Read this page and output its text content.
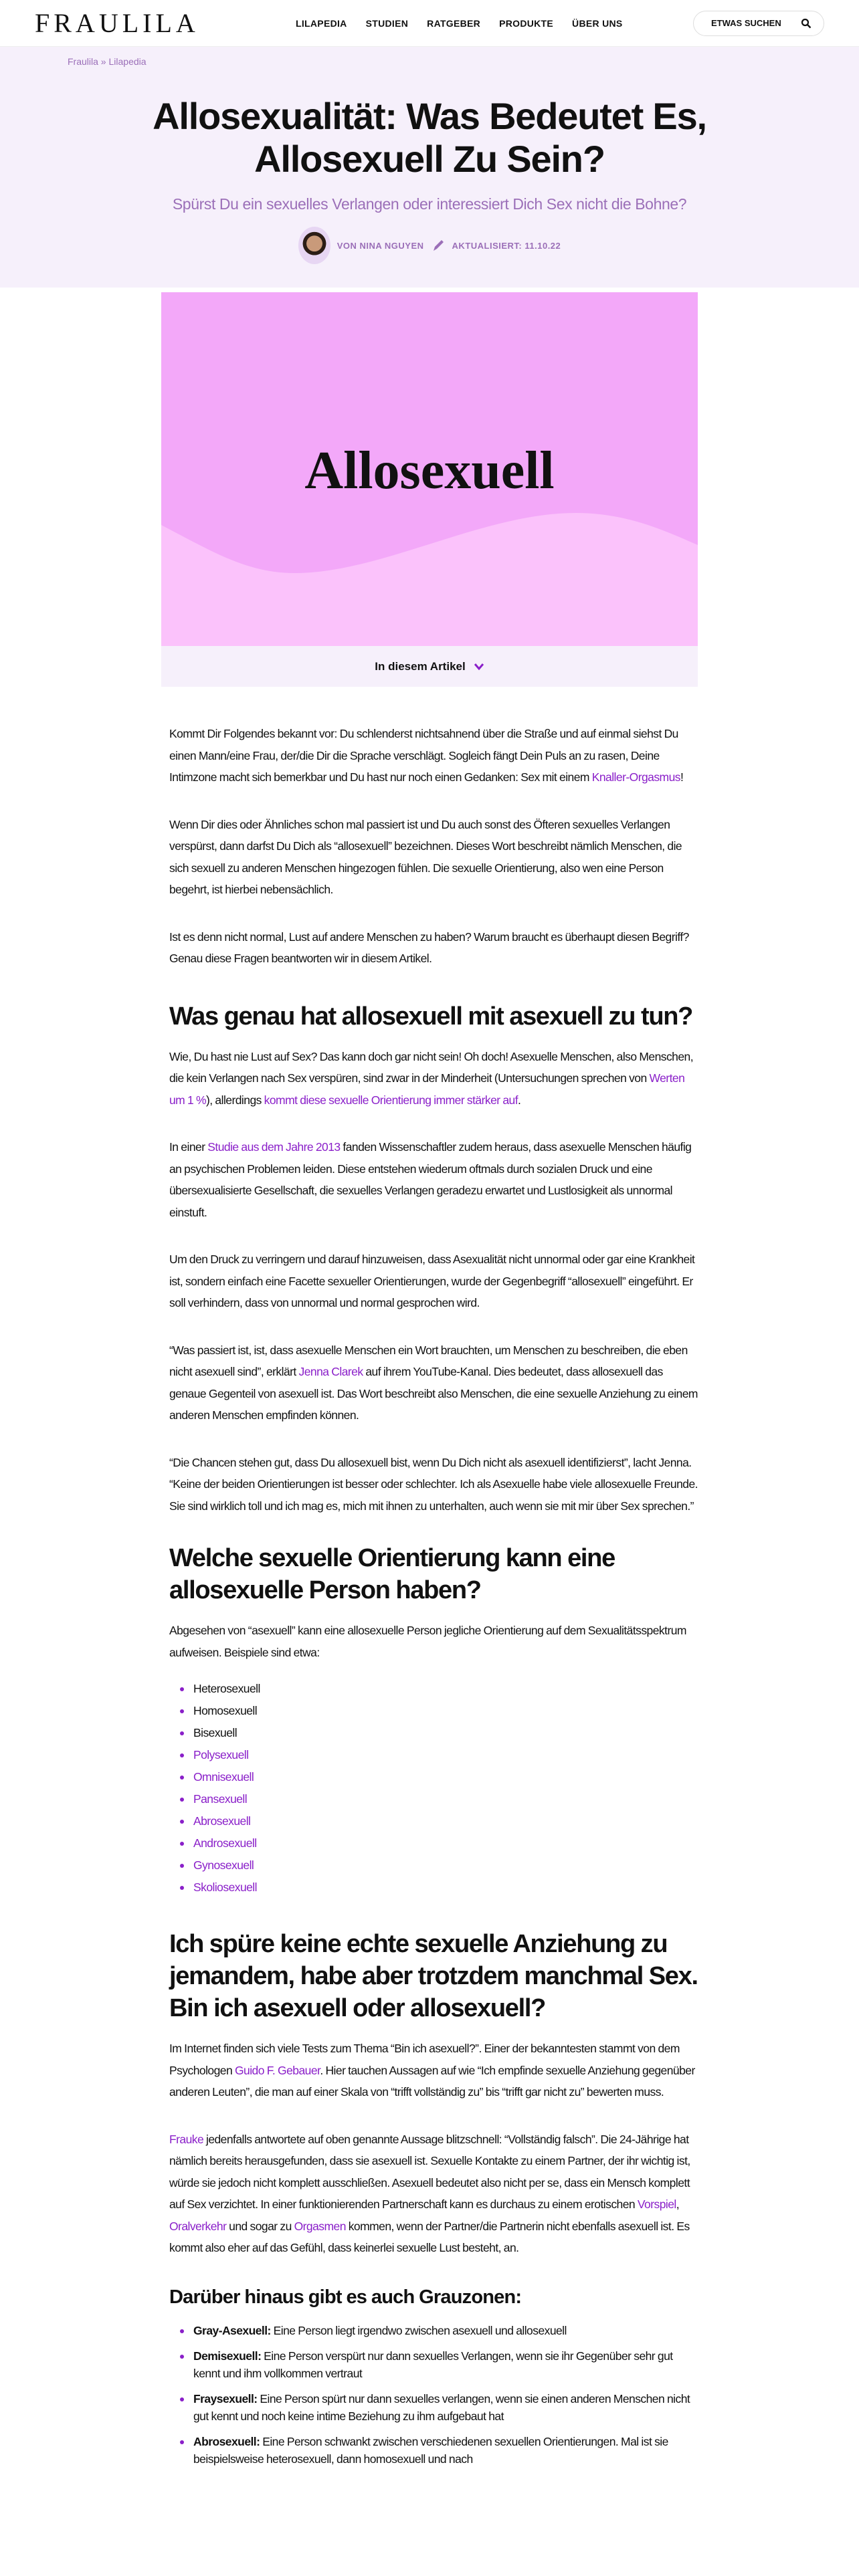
FRAULILA	LILAPEDIA STUDIEN RATGEBER PRODUKTE ÜBER UNS	ETWAS SUCHEN
Fraulila » Lilapedia
Allosexualität: Was Bedeutet Es,
Allosexuell Zu Sein?

Spürst Du ein sexuelles Verlangen oder interessiert Dich Sex nicht die Bohne?

VON NINA NGUYEN	AKTUALISIERT: 11.10.22
Allosexuell
In diesem Artikel

Kommt Dir Folgendes bekannt vor: Du schlenderst nichtsahnend über die Straße und auf einmal siehst Du einen Mann/eine Frau, der/die Dir die Sprache verschlägt. Sogleich fängt Dein Puls an zu rasen, Deine Intimzone macht sich bemerkbar und Du hast nur noch einen Gedanken: Sex mit einem Knaller-Orgasmus!

Wenn Dir dies oder Ähnliches schon mal passiert ist und Du auch sonst des Öfteren sexuelles Verlangen verspürst, dann darfst Du Dich als “allosexuell” bezeichnen. Dieses Wort beschreibt nämlich Menschen, die sich sexuell zu anderen Menschen hingezogen fühlen. Die sexuelle Orientierung, also wen eine Person begehrt, ist hierbei nebensächlich.

Ist es denn nicht normal, Lust auf andere Menschen zu haben? Warum braucht es überhaupt diesen Begriff? Genau diese Fragen beantworten wir in diesem Artikel.

Was genau hat allosexuell mit asexuell zu tun?

Wie, Du hast nie Lust auf Sex? Das kann doch gar nicht sein! Oh doch! Asexuelle Menschen, also Menschen, die kein Verlangen nach Sex verspüren, sind zwar in der Minderheit (Untersuchungen sprechen von Werten um 1 %), allerdings kommt diese sexuelle Orientierung immer stärker auf.

In einer Studie aus dem Jahre 2013 fanden Wissenschaftler zudem heraus, dass asexuelle Menschen häufig an psychischen Problemen leiden. Diese entstehen wiederum oftmals durch sozialen Druck und eine übersexualisierte Gesellschaft, die sexuelles Verlangen geradezu erwartet und Lustlosigkeit als unnormal einstuft.

Um den Druck zu verringern und darauf hinzuweisen, dass Asexualität nicht unnormal oder gar eine Krankheit ist, sondern einfach eine Facette sexueller Orientierungen, wurde der Gegenbegriff “allosexuell” eingeführt. Er soll verhindern, dass von unnormal und normal gesprochen wird.

“Was passiert ist, ist, dass asexuelle Menschen ein Wort brauchten, um Menschen zu beschreiben, die eben nicht asexuell sind”, erklärt Jenna Clarek auf ihrem YouTube-Kanal. Dies bedeutet, dass allosexuell das genaue Gegenteil von asexuell ist. Das Wort beschreibt also Menschen, die eine sexuelle Anziehung zu einem anderen Menschen empfinden können.

“Die Chancen stehen gut, dass Du allosexuell bist, wenn Du Dich nicht als asexuell identifizierst”, lacht Jenna. “Keine der beiden Orientierungen ist besser oder schlechter. Ich als Asexuelle habe viele allosexuelle Freunde. Sie sind wirklich toll und ich mag es, mich mit ihnen zu unterhalten, auch wenn sie mit mir über Sex sprechen.”

Welche sexuelle Orientierung kann eine allosexuelle Person haben?

Abgesehen von “asexuell” kann eine allosexuelle Person jegliche Orientierung auf dem Sexualitätsspektrum aufweisen. Beispiele sind etwa:

Heterosexuell
Homosexuell
Bisexuell
Polysexuell
Omnisexuell
Pansexuell
Abrosexuell
Androsexuell
Gynosexuell
Skoliosexuell
Ich spüre keine echte sexuelle Anziehung zu jemandem, habe aber trotzdem manchmal Sex. Bin ich asexuell oder allosexuell?

Im Internet finden sich viele Tests zum Thema “Bin ich asexuell?”. Einer der bekanntesten stammt von dem Psychologen Guido F. Gebauer. Hier tauchen Aussagen auf wie “Ich empfinde sexuelle Anziehung gegenüber anderen Leuten”, die man auf einer Skala von “trifft vollständig zu” bis “trifft gar nicht zu” bewerten muss.

Frauke jedenfalls antwortete auf oben genannte Aussage blitzschnell: “Vollständig falsch”. Die 24-Jährige hat nämlich bereits herausgefunden, dass sie asexuell ist. Sexuelle Kontakte zu einem Partner, der ihr wichtig ist, würde sie jedoch nicht komplett ausschließen. Asexuell bedeutet also nicht per se, dass ein Mensch komplett auf Sex verzichtet. In einer funktionierenden Partnerschaft kann es durchaus zu einem erotischen Vorspiel, Oralverkehr und sogar zu Orgasmen kommen, wenn der Partner/die Partnerin nicht ebenfalls asexuell ist. Es kommt also eher auf das Gefühl, dass keinerlei sexuelle Lust besteht, an.

Darüber hinaus gibt es auch Grauzonen:
Gray-Asexuell: Eine Person liegt irgendwo zwischen asexuell und allosexuell
Demisexuell: Eine Person verspürt nur dann sexuelles Verlangen, wenn sie ihr Gegenüber sehr gut kennt und ihm vollkommen vertraut
Fraysexuell: Eine Person spürt nur dann sexuelles verlangen, wenn sie einen anderen Menschen nicht gut kennt und noch keine intime Beziehung zu ihm aufgebaut hat
Abrosexuell: Eine Person schwankt zwischen verschiedenen sexuellen Orientierungen. Mal ist sie beispielsweise heterosexuell, dann homosexuell und nach
